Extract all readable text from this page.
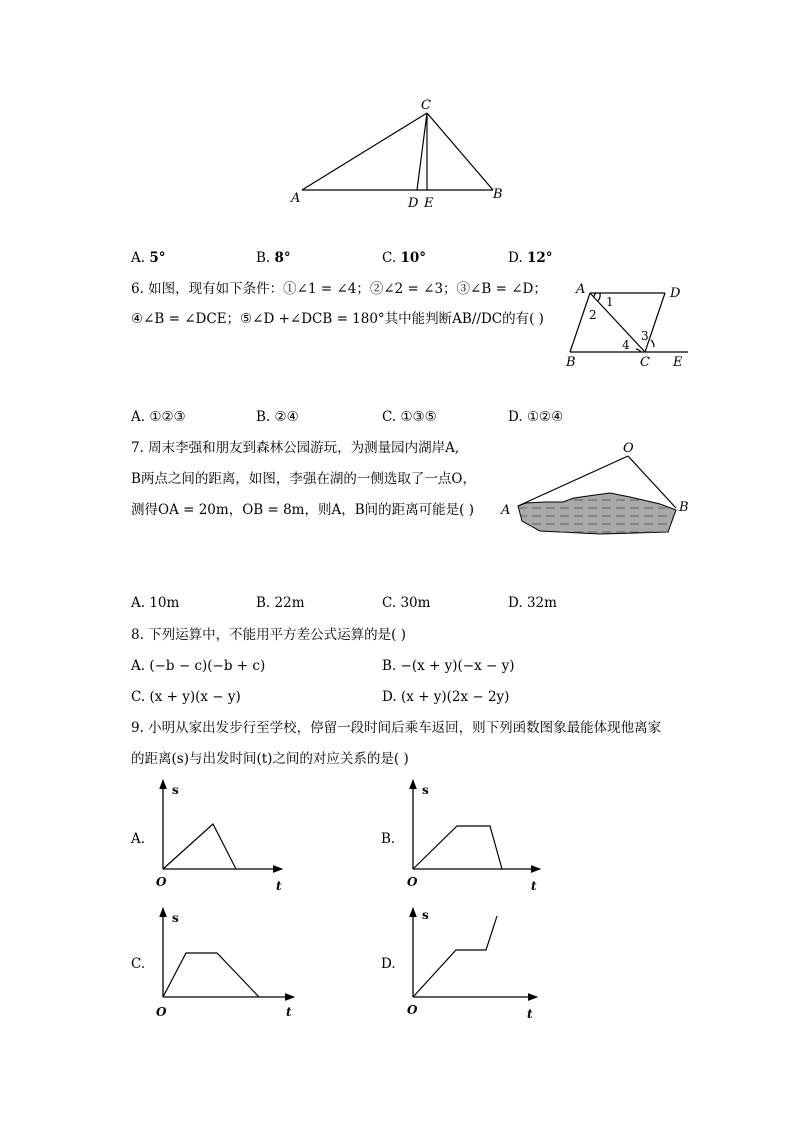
C
A	B
D E
A. 5°	B. 8°	C. 10°	D. 12°
6. 如图，现有如下条件：①∠1 = ∠4；②∠2 = ∠3；③∠B = ∠D；
④∠B = ∠DCE；⑤∠D +∠DCB = 180°其中能判断AB//DC的有( )
A	D
B	C E
1
2
3
4
A. ①②③	B. ②④	C. ①③⑤	D. ①②④
7. 周末李强和朋友到森林公园游玩，为测量园内湖岸A,
B两点之间的距离，如图，李强在湖的一侧选取了一点O，
测得OA = 20m，OB = 8m，则A，B间的距离可能是( )
O
A	B
A. 10m	B. 22m	C. 30m	D. 32m
8. 下列运算中，不能用平方差公式运算的是( )
A. (−b − c)(−b + c)	B. −(x + y)(−x − y)
C. (x + y)(x − y)	D. (x + y)(2x − 2y)
9. 小明从家出发步行至学校，停留一段时间后乘车返回，则下列函数图象最能体现他离家
的距离(s)与出发时间(t)之间的对应关系的是( )
s
t
O
A.
s
t
O
B.
s
t
O
C.
s
t
O
D.
